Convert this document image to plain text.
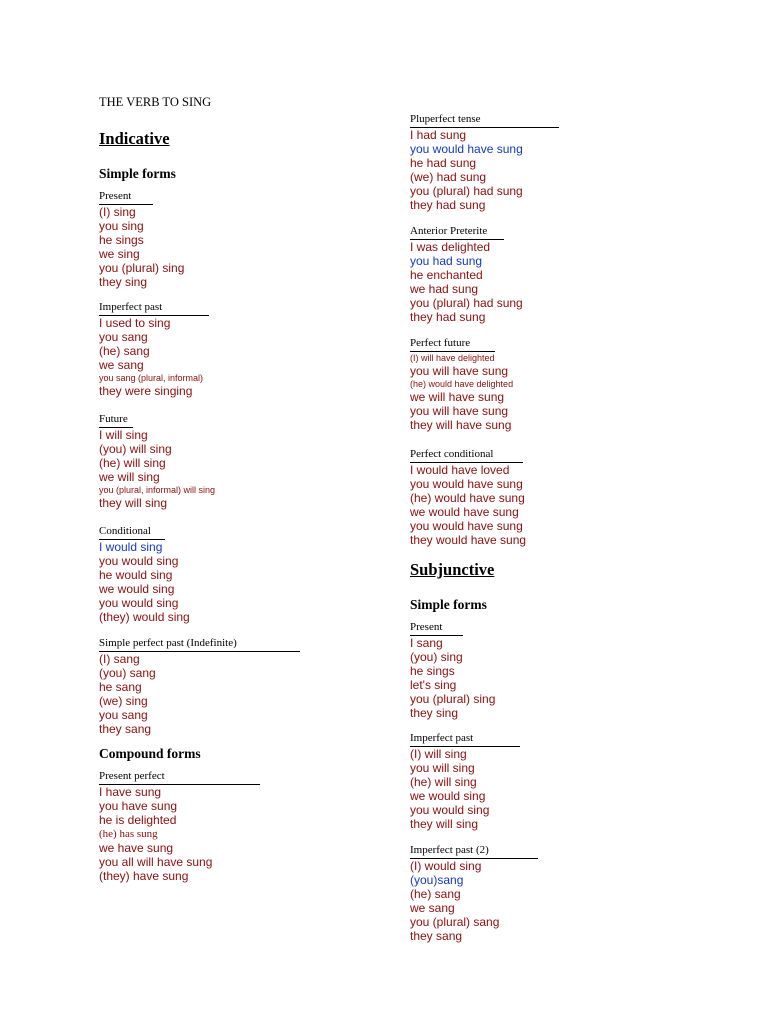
THE VERB TO SING
Indicative
Simple forms
Present
(I) sing
you sing
he sings
we sing
you (plural) sing
they sing
Imperfect past
I used to sing
you sang
(he) sang
we sang
you sang (plural, informal)
they were singing
Future
I will sing
(you) will sing
(he) will sing
we will sing
you (plural, informal) will sing
they will sing
Conditional
I would sing
you would sing
he would sing
we would sing
you would sing
(they) would sing
Simple perfect past (Indefinite)
(I) sang
(you) sang
he sang
(we) sing
you sang
they sang
Compound forms
Present perfect
I have sung
you have sung
he is delighted
(he) has sung
we have sung
you all will have sung
(they) have sung
Pluperfect tense
I had sung
you would have sung
he had sung
(we) had sung
you (plural) had sung
they had sung
Anterior Preterite
I was delighted
you had sung
he enchanted
we had sung
you (plural) had sung
they had sung
Perfect future
(I) will have delighted
you will have sung
(he) would have delighted
we will have sung
you will have sung
they will have sung
Perfect conditional
I would have loved
you would have sung
(he) would have sung
we would have sung
you would have sung
they would have sung
Subjunctive
Simple forms
Present
I sang
(you) sing
he sings
let's sing
you (plural) sing
they sing
Imperfect past
(I) will sing
you will sing
(he) will sing
we would sing
you would sing
they will sing
Imperfect past (2)
(I) would sing
(you)sang
(he) sang
we sang
you (plural) sang
they sang
